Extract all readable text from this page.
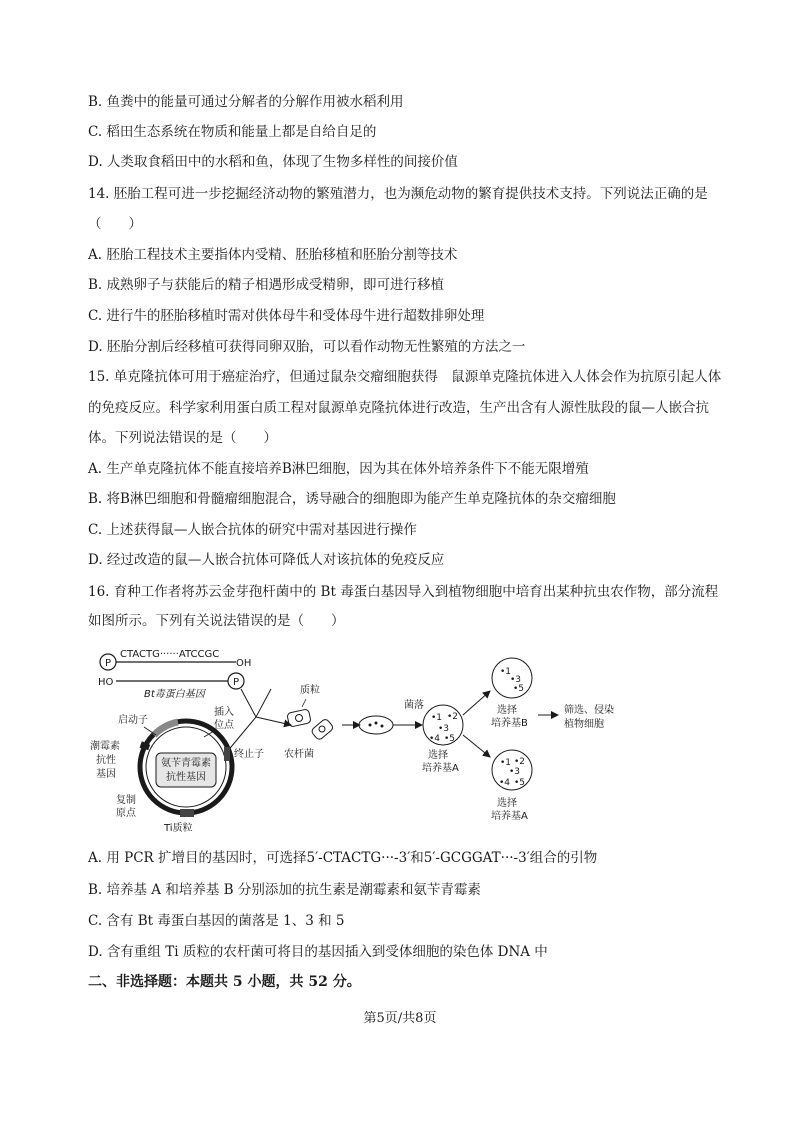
B. 鱼粪中的能量可通过分解者的分解作用被水稻利用
C. 稻田生态系统在物质和能量上都是自给自足的
D. 人类取食稻田中的水稻和鱼，体现了生物多样性的间接价值
14. 胚胎工程可进一步挖掘经济动物的繁殖潜力，也为濒危动物的繁育提供技术支持。下列说法正确的是
（　　）
A. 胚胎工程技术主要指体内受精、胚胎移植和胚胎分割等技术
B. 成熟卵子与获能后的精子相遇形成受精卵，即可进行移植
C. 进行牛的胚胎移植时需对供体母牛和受体母牛进行超数排卵处理
D. 胚胎分割后经移植可获得同卵双胎，可以看作动物无性繁殖的方法之一
15. 单克隆抗体可用于癌症治疗，但通过鼠杂交瘤细胞获得　鼠源单克隆抗体进入人体会作为抗原引起人体
的免疫反应。科学家利用蛋白质工程对鼠源单克隆抗体进行改造，生产出含有人源性肽段的鼠—人嵌合抗
体。下列说法错误的是（　　）
A. 生产单克隆抗体不能直接培养B淋巴细胞，因为其在体外培养条件下不能无限增殖
B. 将B淋巴细胞和骨髓瘤细胞混合，诱导融合的细胞即为能产生单克隆抗体的杂交瘤细胞
C. 上述获得鼠—人嵌合抗体的研究中需对基因进行操作
D. 经过改造的鼠—人嵌合抗体可降低人对该抗体的免疫反应
16. 育种工作者将苏云金芽孢杆菌中的 Bt 毒蛋白基因导入到植物细胞中培育出某种抗虫农作物，部分流程
如图所示。下列有关说法错误的是（　　）
P
CTACTG······ATCCGC
OH
HO	P
Bt毒蛋白基因
氨苄青霉素
抗性基因
启动子
插入
位点
潮霉素
抗性
基因
终止子
复制
原点
Ti质粒
质粒
农杆菌
菌落
•1 •2
•3
•4 •5
选择
培养基A
•1
•3
•5
选择
培养基B
筛选、侵染
植物细胞
•1 •2
•3
•4 •5
选择
培养基A
A. 用 PCR 扩增目的基因时，可选择5′-CTACTG···-3′和5′-GCGGAT···-3′组合的引物
B. 培养基 A 和培养基 B 分别添加的抗生素是潮霉素和氨苄青霉素
C. 含有 Bt 毒蛋白基因的菌落是 1、3 和 5
D. 含有重组 Ti 质粒的农杆菌可将目的基因插入到受体细胞的染色体 DNA 中
二、非选择题：本题共 5 小题，共 52 分。
第5页/共8页
